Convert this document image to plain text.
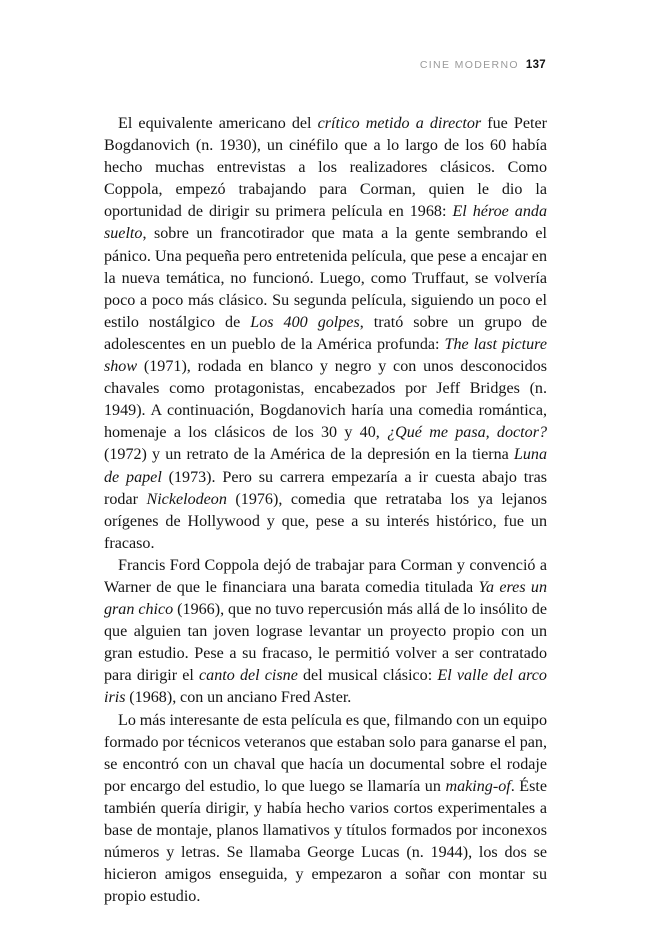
CINE MODERNO 137

El equivalente americano del crítico metido a director fue Peter Bogdanovich (n. 1930), un cinéfilo que a lo largo de los 60 había hecho muchas entrevistas a los realizadores clásicos. Como Coppola, empezó trabajando para Corman, quien le dio la oportunidad de dirigir su primera película en 1968: El héroe anda suelto, sobre un francotirador que mata a la gente sembrando el pánico. Una pequeña pero entretenida película, que pese a encajar en la nueva temática, no funcionó. Luego, como Truffaut, se volvería poco a poco más clásico. Su segunda película, siguiendo un poco el estilo nostálgico de Los 400 golpes, trató sobre un grupo de adolescentes en un pueblo de la América profunda: The last picture show (1971), rodada en blanco y negro y con unos desconocidos chavales como protagonistas, encabezados por Jeff Bridges (n. 1949). A continuación, Bogdanovich haría una comedia romántica, homenaje a los clásicos de los 30 y 40, ¿Qué me pasa, doctor? (1972) y un retrato de la América de la depresión en la tierna Luna de papel (1973). Pero su carrera empezaría a ir cuesta abajo tras rodar Nickelodeon (1976), comedia que retrataba los ya lejanos orígenes de Hollywood y que, pese a su interés histórico, fue un fracaso.

Francis Ford Coppola dejó de trabajar para Corman y convenció a Warner de que le financiara una barata comedia titulada Ya eres un gran chico (1966), que no tuvo repercusión más allá de lo insólito de que alguien tan joven lograse levantar un proyecto propio con un gran estudio. Pese a su fracaso, le permitió volver a ser contratado para dirigir el canto del cisne del musical clásico: El valle del arco iris (1968), con un anciano Fred Aster.

Lo más interesante de esta película es que, filmando con un equipo formado por técnicos veteranos que estaban solo para ganarse el pan, se encontró con un chaval que hacía un documental sobre el rodaje por encargo del estudio, lo que luego se llamaría un making-of. Éste también quería dirigir, y había hecho varios cortos experimentales a base de montaje, planos llamativos y títulos formados por inconexos números y letras. Se llamaba George Lucas (n. 1944), los dos se hicieron amigos enseguida, y empezaron a soñar con montar su propio estudio.
